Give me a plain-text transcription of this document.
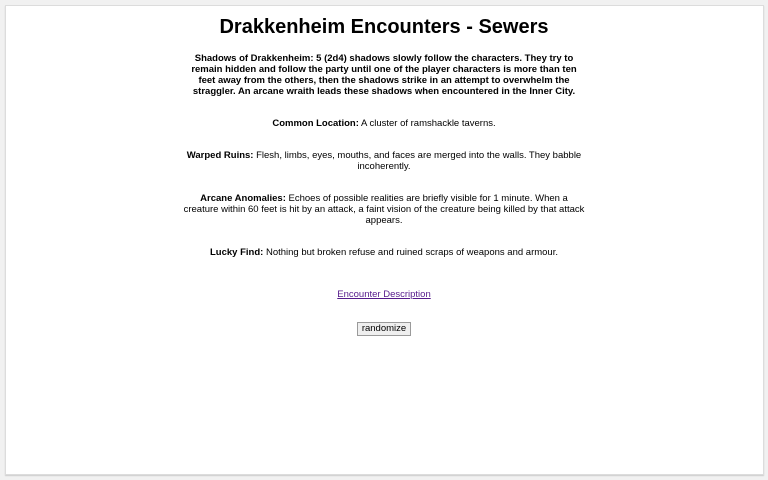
Drakkenheim Encounters - Sewers
Shadows of Drakkenheim: 5 (2d4) shadows slowly follow the characters. They try to remain hidden and follow the party until one of the player characters is more than ten feet away from the others, then the shadows strike in an attempt to overwhelm the straggler. An arcane wraith leads these shadows when encountered in the Inner City.
Common Location: A cluster of ramshackle taverns.
Warped Ruins: Flesh, limbs, eyes, mouths, and faces are merged into the walls. They babble incoherently.
Arcane Anomalies: Echoes of possible realities are briefly visible for 1 minute. When a creature within 60 feet is hit by an attack, a faint vision of the creature being killed by that attack appears.
Lucky Find: Nothing but broken refuse and ruined scraps of weapons and armour.
Encounter Description
randomize
